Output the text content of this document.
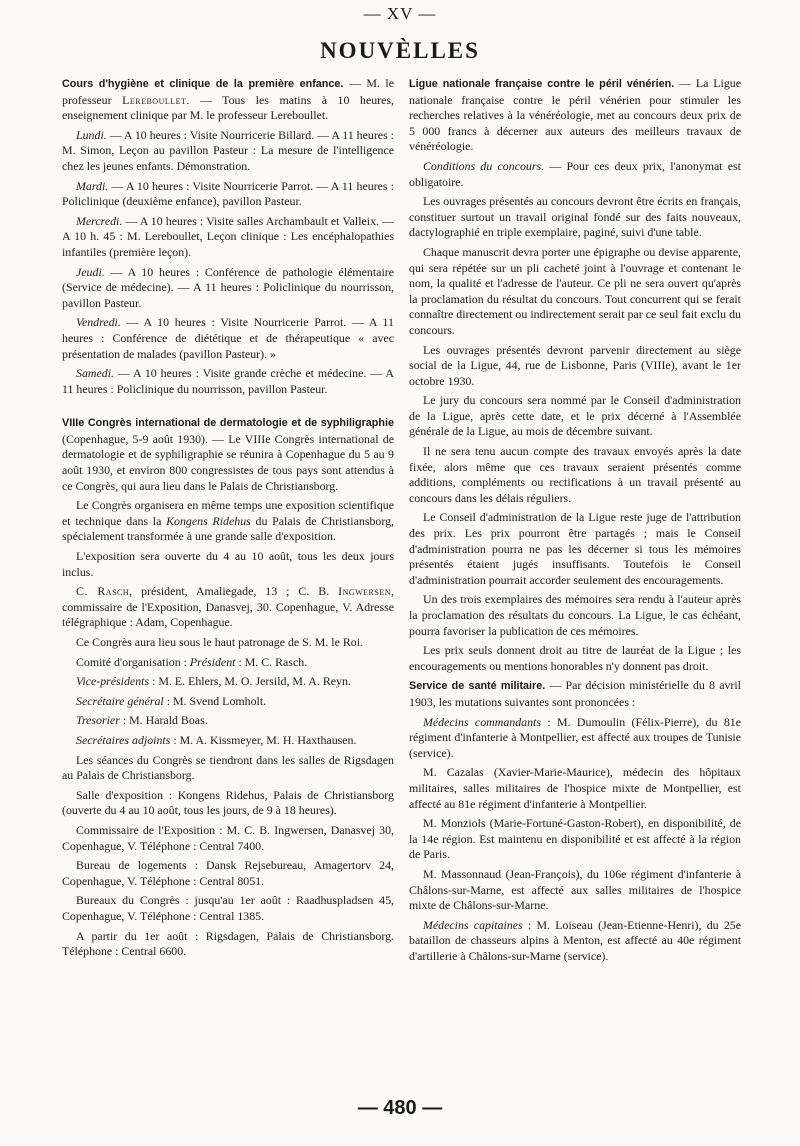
— XV —
NOUVÈLLES

Cours d'hygiène et clinique de la première enfance. — M. le professeur Lereboullet. — Tous les matins à 10 heures, enseignement clinique par M. le professeur Lereboullet.

Lundi. — A 10 heures : Visite Nourricerie Billard. — A 11 heures : M. Simon, Leçon au pavillon Pasteur : La mesure de l'intelligence chez les jeunes enfants. Démonstration.

Mardi. — A 10 heures : Visite Nourricerie Parrot. — A 11 heures : Policlinique (deuxième enfance), pavillon Pasteur.

Mercredi. — A 10 heures : Visite salles Archambault et Valleix. — A 10 h. 45 : M. Lereboullet, Leçon clinique : Les encéphalopathies infantiles (première leçon).

Jeudi. — A 10 heures : Conférence de pathologie élémentaire (Service de médecine). — A 11 heures : Policlinique du nourrisson, pavillon Pasteur.

Vendredi. — A 10 heures : Visite Nourricerie Parrot. — A 11 heures : Conférence de diététique et de thérapeutique « avec présentation de malades (pavillon Pasteur). »

Samedi. — A 10 heures : Visite grande crèche et médecine. — A 11 heures : Policlinique du nourrisson, pavillon Pasteur.

VIIIe Congrès international de dermatologie et de syphiligraphie (Copenhague, 5-9 août 1930). — Le VIIIe Congrès international de dermatologie et de syphiligraphie se réunira à Copenhague du 5 au 9 août 1930, et environ 800 congressistes de tous pays sont attendus à ce Congrès, qui aura lieu dans le Palais de Christiansborg.

Le Congrès organisera en même temps une exposition scientifique et technique dans la Kongens Ridehus du Palais de Christiansborg, spécialement transformée à une grande salle d'exposition.

L'exposition sera ouverte du 4 au 10 août, tous les deux jours inclus.

C. Rasch, président, Amaliegade, 13 ; C. B. Ingwersen, commissaire de l'Exposition, Danasvej, 30. Copenhague, V. Adresse télégraphique : Adam, Copenhague.

Ce Congrès aura lieu sous le haut patronage de S. M. le Roi.

Comité d'organisation : Président : M. C. Rasch.

Vice-présidents : M. E. Ehlers, M. O. Jersild, M. A. Reyn.

Secrétaire général : M. Svend Lomholt.

Tresorier : M. Harald Boas.

Secrétaires adjoints : M. A. Kissmeyer, M. H. Haxthausen.

Les séances du Congrès se tiendront dans les salles de Rigsdagen au Palais de Christiansborg.

Salle d'exposition : Kongens Ridehus, Palais de Christiansborg (ouverte du 4 au 10 août, tous les jours, de 9 à 18 heures).

Commissaire de l'Exposition : M. C. B. Ingwersen, Danasvej 30, Copenhague, V. Téléphone : Central 7400.

Bureau de logements : Dansk Rejsebureau, Amagertorv 24, Copenhague, V. Téléphone : Central 8051.

Bureaux du Congrès : jusqu'au 1er août : Raadhuspladsen 45, Copenhague, V. Téléphone : Central 1385.

A partir du 1er août : Rigsdagen, Palais de Christiansborg. Téléphone : Central 6600.

Ligue nationale française contre le péril vénérien. — La Ligue nationale française contre le péril vénérien pour stimuler les recherches relatives à la vénéréologie, met au concours deux prix de 5 000 francs à décerner aux auteurs des meilleurs travaux de vénéréologie.

Conditions du concours. — Pour ces deux prix, l'anonymat est obligatoire.

Les ouvrages présentés au concours devront être écrits en français, constituer surtout un travail original fondé sur des faits nouveaux, dactylographié en triple exemplaire, paginé, suivi d'une table.

Chaque manuscrit devra porter une épigraphe ou devise apparente, qui sera répétée sur un pli cacheté joint à l'ouvrage et contenant le nom, la qualité et l'adresse de l'auteur. Ce pli ne sera ouvert qu'après la proclamation du résultat du concours. Tout concurrent qui se ferait connaître directement ou indirectement serait par ce seul fait exclu du concours.

Les ouvrages présentés devront parvenir directement au siège social de la Ligue, 44, rue de Lisbonne, Paris (VIIIe), avant le 1er octobre 1930.

Le jury du concours sera nommé par le Conseil d'administration de la Ligue, après cette date, et le prix décerné à l'Assemblée générale de la Ligue, au mois de décembre suivant.

Il ne sera tenu aucun compte des travaux envoyés après la date fixée, alors même que ces travaux seraient présentés comme additions, compléments ou rectifications à un travail présenté au concours dans les délais réguliers.

Le Conseil d'administration de la Ligue reste juge de l'attribution des prix. Les prix pourront être partagés ; mais le Conseil d'administration pourra ne pas les décerner si tous les mémoires présentés étaient jugés insuffisants. Toutefois le Conseil d'administration pourrait accorder seulement des encouragements.

Un des trois exemplaires des mémoires sera rendu à l'auteur après la proclamation des résultats du concours. La Ligue, le cas échéant, pourra favoriser la publication de ces mémoires.

Les prix seuls donnent droit au titre de lauréat de la Ligue ; les encouragements ou mentions honorables n'y donnent pas droit.

Service de santé militaire. — Par décision ministérielle du 8 avril 1903, les mutations suivantes sont prononcées :

Médecins commandants : M. Dumoulin (Félix-Pierre), du 81e régiment d'infanterie à Montpellier, est affecté aux troupes de Tunisie (service).

M. Cazalas (Xavier-Marie-Maurice), médecin des hôpitaux militaires, salles militaires de l'hospice mixte de Montpellier, est affecté au 81e régiment d'infanterie à Montpellier.

M. Monziols (Marie-Fortuné-Gaston-Robert), en disponibilité, de la 14e région. Est maintenu en disponibilité et est affecté à la région de Paris.

M. Massonnaud (Jean-François), du 106e régiment d'infanterie à Châlons-sur-Marne, est affecté aux salles militaires de l'hospice mixte de Châlons-sur-Marne.

Médecins capitaines : M. Loiseau (Jean-Etienne-Henri), du 25e bataillon de chasseurs alpins à Menton, est affecté au 40e régiment d'artillerie à Châlons-sur-Marne (service).

— 480 —
